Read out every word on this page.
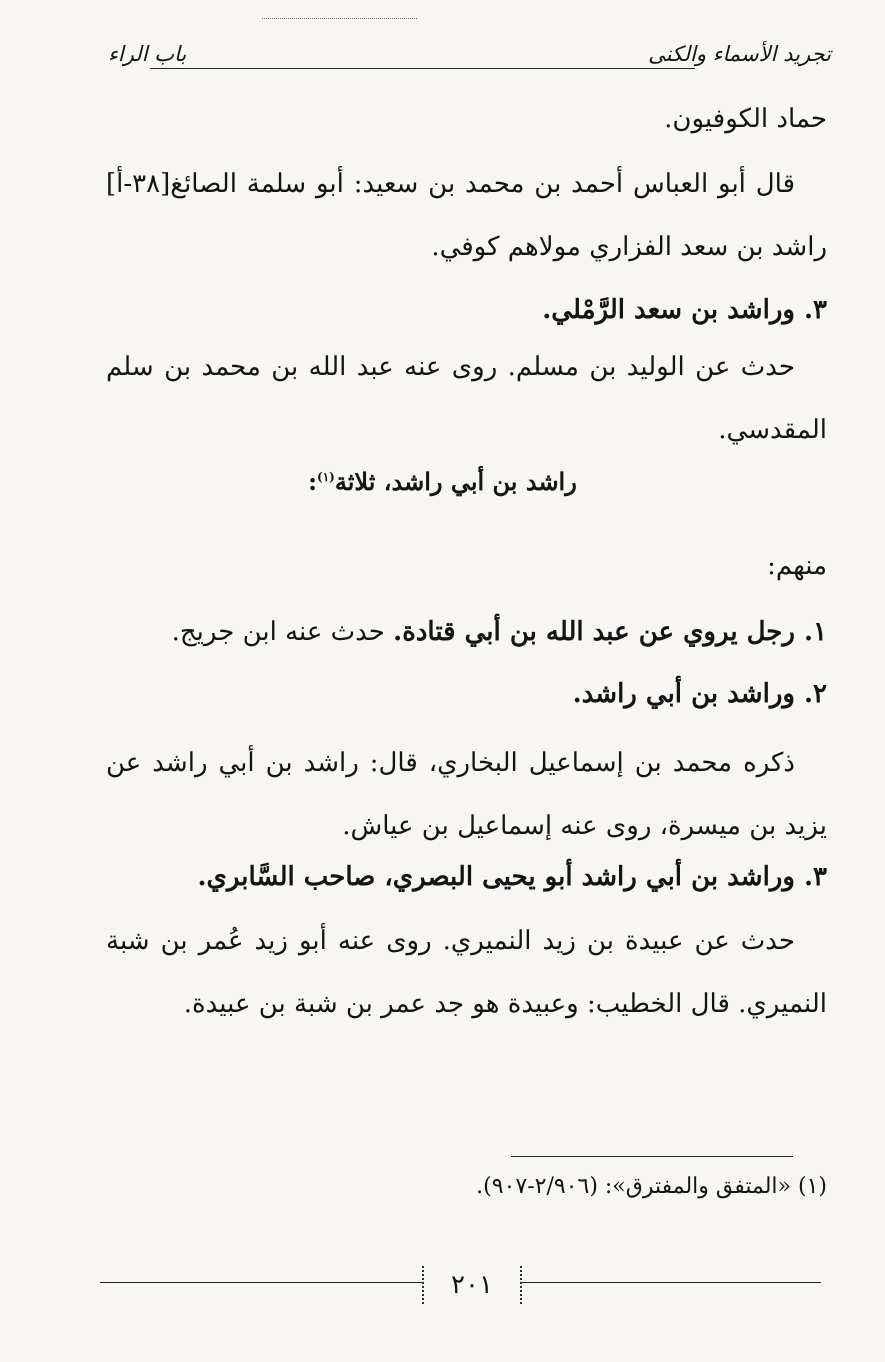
تجريد الأسماء والكنى
باب الراء

حماد الكوفيون.

قال أبو العباس أحمد بن محمد بن سعيد: أبو سلمة الصائغ[٣٨-أ] راشد بن سعد الفزاري مولاهم كوفي.

٣. وراشد بن سعد الرَّمْلي.

حدث عن الوليد بن مسلم. روى عنه عبد الله بن محمد بن سلم المقدسي.

راشد بن أبي راشد، ثلاثة$^{(١)}$:

منهم:

١. رجل يروي عن عبد الله بن أبي قتادة. حدث عنه ابن جريج.

٢. وراشد بن أبي راشد.

ذكره محمد بن إسماعيل البخاري، قال: راشد بن أبي راشد عن يزيد بن ميسرة، روى عنه إسماعيل بن عياش.

٣. وراشد بن أبي راشد أبو يحيى البصري، صاحب السَّابري.

حدث عن عبيدة بن زيد النميري. روى عنه أبو زيد عُمر بن شبة النميري. قال الخطيب: وعبيدة هو جد عمر بن شبة بن عبيدة.

(١) «المتفق والمفترق»: (٢/٩٠٦-٩٠٧).

٢٠١
